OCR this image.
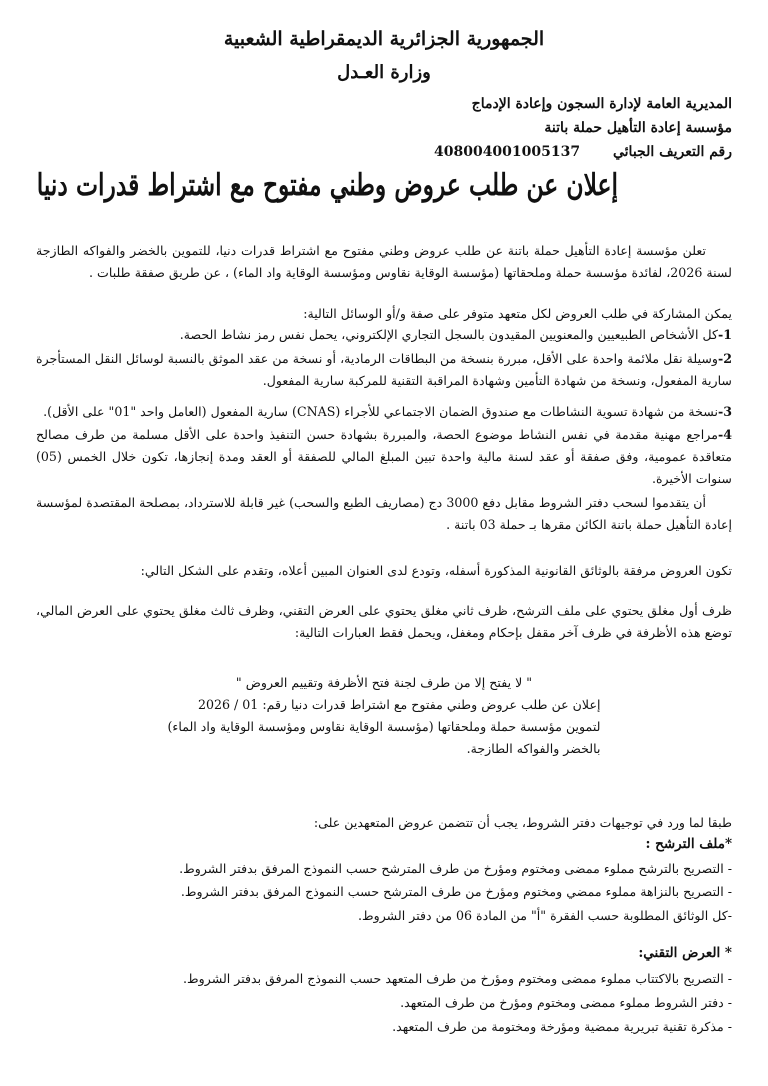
الجمهورية الجزائرية الديمقراطية الشعبية
وزارة العـدل
المديرية العامة لإدارة السجون وإعادة الإدماج
مؤسسة إعادة التأهيل حملة باتنة
رقم التعريف الجبائي 408004001005137
إعلان عن طلب عروض وطني مفتوح مع اشتراط قدرات دنيا
تعلن مؤسسة إعادة التأهيل حملة باتنة عن طلب عروض وطني مفتوح مع اشتراط قدرات دنيا، للتموين بالخضر والفواكه الطازجة لسنة 2026، لفائدة مؤسسة حملة وملحقاتها (مؤسسة الوقاية نقاوس ومؤسسة الوقاية واد الماء) ، عن طريق صفقة طلبات .
يمكن المشاركة في طلب العروض لكل متعهد متوفر على صفة و/أو الوسائل التالية:
1-كل الأشخاص الطبيعيين والمعنويين المقيدون بالسجل التجاري الإلكتروني، يحمل نفس رمز نشاط الحصة.
2-وسيلة نقل ملائمة واحدة على الأقل، مبررة بنسخة من البطاقات الرمادية، أو نسخة من عقد الموثق بالنسبة لوسائل النقل المستأجرة سارية المفعول، ونسخة من شهادة التأمين وشهادة المراقبة التقنية للمركبة سارية المفعول.
3-نسخة من شهادة تسوية النشاطات مع صندوق الضمان الاجتماعي للأجراء (CNAS) سارية المفعول (العامل واحد "01" على الأقل).
4-مراجع مهنية مقدمة في نفس النشاط موضوع الحصة، والمبررة بشهادة حسن التنفيذ واحدة على الأقل مسلمة من طرف مصالح متعاقدة عمومية، وفق صفقة أو عقد لسنة مالية واحدة تبين المبلغ المالي للصفقة أو العقد ومدة إنجازها، تكون خلال الخمس (05) سنوات الأخيرة.
أن يتقدموا لسحب دفتر الشروط مقابل دفع 3000 دج (مصاريف الطبع والسحب) غير قابلة للاسترداد، بمصلحة المقتصدة لمؤسسة إعادة التأهيل حملة باتنة الكائن مقرها بـ حملة 03 باتنة .
تكون العروض مرفقة بالوثائق القانونية المذكورة أسفله، وتودع لدى العنوان المبين أعلاه، وتقدم على الشكل التالي:
ظرف أول مغلق يحتوي على ملف الترشح، ظرف ثاني مغلق يحتوي على العرض التقني، وظرف ثالث مغلق يحتوي على العرض المالي، توضع هذه الأظرفة في ظرف آخر مقفل بإحكام ومغفل، ويحمل فقط العبارات التالية:
" لا يفتح إلا من طرف لجنة فتح الأظرفة وتقييم العروض "
إعلان عن طلب عروض وطني مفتوح مع اشتراط قدرات دنيا رقم: 01 / 2026
لتموين مؤسسة حملة وملحقاتها (مؤسسة الوقاية نقاوس ومؤسسة الوقاية واد الماء)
بالخضر والفواكه الطازجة.
طبقا لما ورد في توجيهات دفتر الشروط، يجب أن تتضمن عروض المتعهدين على:
*ملف الترشح :
- التصريح بالترشح مملوء ممضى ومختوم ومؤرخ من طرف المترشح حسب النموذج المرفق بدفتر الشروط.
- التصريح بالنزاهة مملوء ممضي ومختوم ومؤرخ من طرف المترشح حسب النموذج المرفق بدفتر الشروط.
-كل الوثائق المطلوبة حسب الفقرة "أ" من المادة 06 من دفتر الشروط.
* العرض التقني:
- التصريح بالاكتتاب مملوء ممضى ومختوم ومؤرخ من طرف المتعهد حسب النموذج المرفق بدفتر الشروط.
- دفتر الشروط مملوء ممضى ومختوم ومؤرخ من طرف المتعهد.
- مذكرة تقنية تبريرية ممضية ومؤرخة ومختومة من طرف المتعهد.
